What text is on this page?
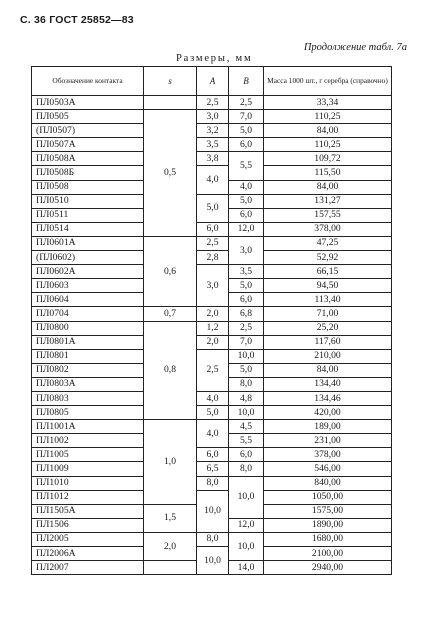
С. 36 ГОСТ 25852—83
Продолжение табл. 7а
Размеры, мм
Обозначение контакта	s	A	B	Масса 1000 шт., г серебра (справочно)
ПЛ0503А		2,5	2,5	33,34
ПЛ0505	0,5	3,0	7,0	110,25
(ПЛ0507)		3,2	5,0	84,00
ПЛ0507А		3,5	6,0	110,25
ПЛ0508А		3,8	5,5	109,72
ПЛ0508Б		4,0		115,50
ПЛ0508			4,0	84,00
ПЛ0510		5,0	5,0	131,27
ПЛ0511			6,0	157,55
ПЛ0514		6,0	12,0	378,00
ПЛ0601А	0,6	2,5	3,0	47,25
(ПЛ0602)		2,8		52,92
ПЛ0602А		3,0	3,5	66,15
ПЛ0603			5,0	94,50
ПЛ0604			6,0	113,40
ПЛ0704	0,7	2,0	6,8	71,00
ПЛ0800	0,8	1,2	2,5	25,20
ПЛ0801А		2,0	7,0	117,60
ПЛ0801		2,5	10,0	210,00
ПЛ0802			5,0	84,00
ПЛ0803А			8,0	134,40
ПЛ0803		4,0	4,8	134,46
ПЛ0805		5,0	10,0	420,00
ПЛ1001А	1,0	4,0	4,5	189,00
ПЛ1002			5,5	231,00
ПЛ1005		6,0	6,0	378,00
ПЛ1009		6,5	8,0	546,00
ПЛ1010		8,0	10,0	840,00
ПЛ1012		10,0		1050,00
ПЛ1505А	1,5			1575,00
ПЛ1506			12,0	1890,00
ПЛ2005	2,0	8,0	10,0	1680,00
ПЛ2006А		10,0		2100,00
ПЛ2007			14,0	2940,00
